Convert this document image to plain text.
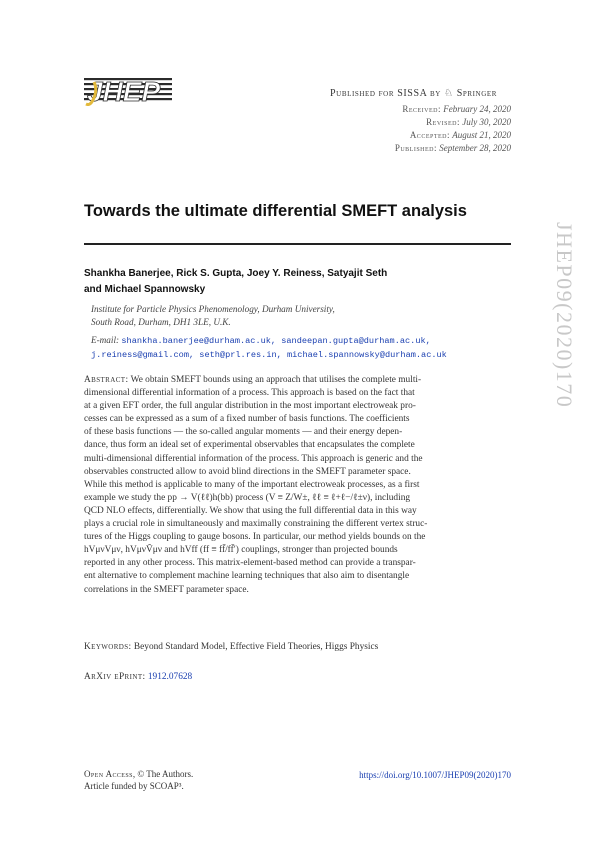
JHEP	Published for SISSA by ♘ Springer
Received: February 24, 2020
Revised: July 30, 2020
Accepted: August 21, 2020
Published: September 28, 2020
Towards the ultimate differential SMEFT analysis
Shankha Banerjee, Rick S. Gupta, Joey Y. Reiness, Satyajit Seth
and Michael Spannowsky
Institute for Particle Physics Phenomenology, Durham University,
South Road, Durham, DH1 3LE, U.K.
E-mail: shankha.banerjee@durham.ac.uk, sandeepan.gupta@durham.ac.uk,
j.reiness@gmail.com, seth@prl.res.in, michael.spannowsky@durham.ac.uk
Abstract: We obtain SMEFT bounds using an approach that utilises the complete multi-
dimensional differential information of a process. This approach is based on the fact that
at a given EFT order, the full angular distribution in the most important electroweak pro-
cesses can be expressed as a sum of a fixed number of basis functions. The coefficients
of these basis functions — the so-called angular moments — and their energy depen-
dance, thus form an ideal set of experimental observables that encapsulates the complete
multi-dimensional differential information of the process. This approach is generic and the
observables constructed allow to avoid blind directions in the SMEFT parameter space.
While this method is applicable to many of the important electroweak processes, as a first
example we study the pp → V(ℓℓ)h(bb) process (V ≡ Z/W±, ℓℓ ≡ ℓ+ℓ−/ℓ±ν), including
QCD NLO effects, differentially. We show that using the full differential data in this way
plays a crucial role in simultaneously and maximally constraining the different vertex struc-
tures of the Higgs coupling to gauge bosons. In particular, our method yields bounds on the
hVμνVμν, hVμνṼμν and hVff (ff ≡ ff̄/ff̄′) couplings, stronger than projected bounds
reported in any other process. This matrix-element-based method can provide a transpar-
ent alternative to complement machine learning techniques that also aim to disentangle
correlations in the SMEFT parameter space.
Keywords: Beyond Standard Model, Effective Field Theories, Higgs Physics
ArXiv ePrint: 1912.07628
Open Access, © The Authors.
Article funded by SCOAP³.
https://doi.org/10.1007/JHEP09(2020)170
JHEP09(2020)170
